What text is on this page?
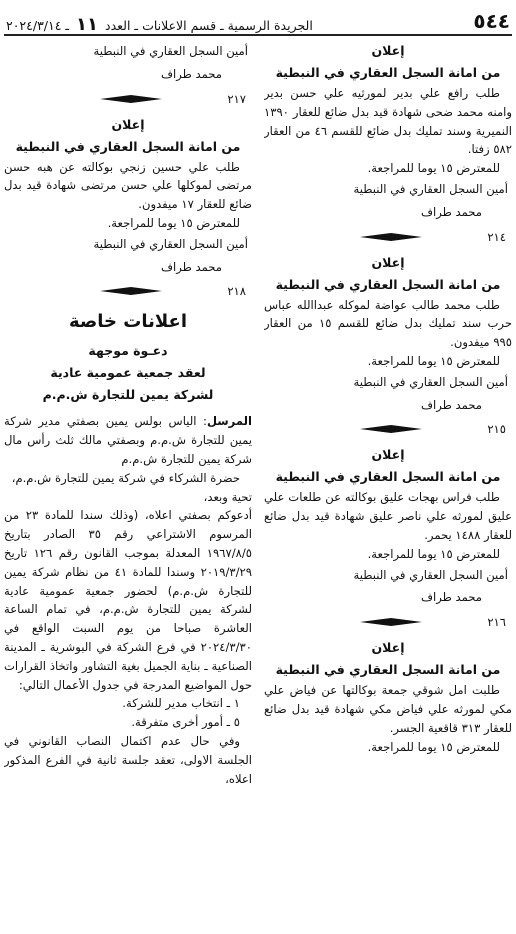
٥٤٤
الجريدة الرسمية ـ قسم الاعلانات ـ العدد ١١ ـ ٢٠٢٤/٣/١٤

إعلان

من امانة السجل العقاري في النبطية

طلب رافع علي بدير لمورثيه علي حسن بدير وامنه محمد ضحى شهادة قيد بدل ضائع للعقار ١٣٩٠ النميرية وسند تمليك بدل ضائع للقسم ٤٦ من العقار ٥٨٢ زفتا.

للمعترض ١٥ يوما للمراجعة.

أمين السجل العقاري في النبطية

محمد طراف

٢١٤

إعلان

من امانة السجل العقاري في النبطية

طلب محمد طالب عواضة لموكله عبداالله عباس حرب سند تمليك بدل ضائع للقسم ١٥ من العقار ٩٩٥ ميفدون.

للمعترض ١٥ يوما للمراجعة.

أمين السجل العقاري في النبطية

محمد طراف

٢١٥

إعلان

من امانة السجل العقاري في النبطية

طلب فراس بهجات عليق بوكالته عن طلعات علي عليق لمورثه علي ناصر عليق شهادة قيد بدل ضائع للعقار ١٤٨٨ يحمر.

للمعترض ١٥ يوما للمراجعة.

أمين السجل العقاري في النبطية

محمد طراف

٢١٦

إعلان

من امانة السجل العقاري في النبطية

طلبت امل شوقي جمعة بوكالتها عن فياض علي مكي لمورثه علي فياض مكي شهادة قيد بدل ضائع للعقار ٣١٣ قاقعية الجسر.

للمعترض ١٥ يوما للمراجعة.

أمين السجل العقاري في النبطية

محمد طراف

٢١٧

إعلان

من امانة السجل العقاري في النبطية

طلب علي حسين زنجي بوكالته عن هبه حسن مرتضى لموكلها علي حسن مرتضى شهادة قيد بدل ضائع للعقار ١٧ ميفدون.

للمعترض ١٥ يوما للمراجعة.

أمين السجل العقاري في النبطية

محمد طراف

٢١٨

اعلانات خاصة

دعـوة موجهة

لعقد جمعية عمومية عادية

لشركة يمين للتجارة ش.م.م

المرسل: الياس بولس يمين بصفتي مدير شركة يمين للتجارة ش.م.م وبصفتي مالك ثلث رأس مال شركة يمين للتجارة ش.م.م

حضرة الشركاء في شركة يمين للتجارة ش.م.م،

تحية وبعد،

أدعوكم بصفتي اعلاه، (وذلك سندا للمادة ٢٣ من المرسوم الاشتراعي رقم ٣٥ الصادر بتاريخ ١٩٦٧/٨/٥ المعدلة بموجب القانون رقم ١٢٦ تاريخ ٢٠١٩/٣/٢٩ وسندا للمادة ٤١ من نظام شركة يمين للتجارة ش.م.م) لحضور جمعية عمومية عادية لشركة يمين للتجارة ش.م.م، في تمام الساعة العاشرة صباحا من يوم السبت الواقع في ٢٠٢٤/٣/٣٠ في فرع الشركة في البوشرية ـ المدينة الصناعية ـ بناية الجميل بغية التشاور واتخاذ القرارات حول المواضيع المدرجة في جدول الأعمال التالي:

١ ـ انتخاب مدير للشركة.

٥ ـ أمور أخرى متفرقة.

وفي حال عدم اكتمال النصاب القانوني في الجلسة الاولى، تعقد جلسة ثانية في الفرع المذكور اعلاه،
